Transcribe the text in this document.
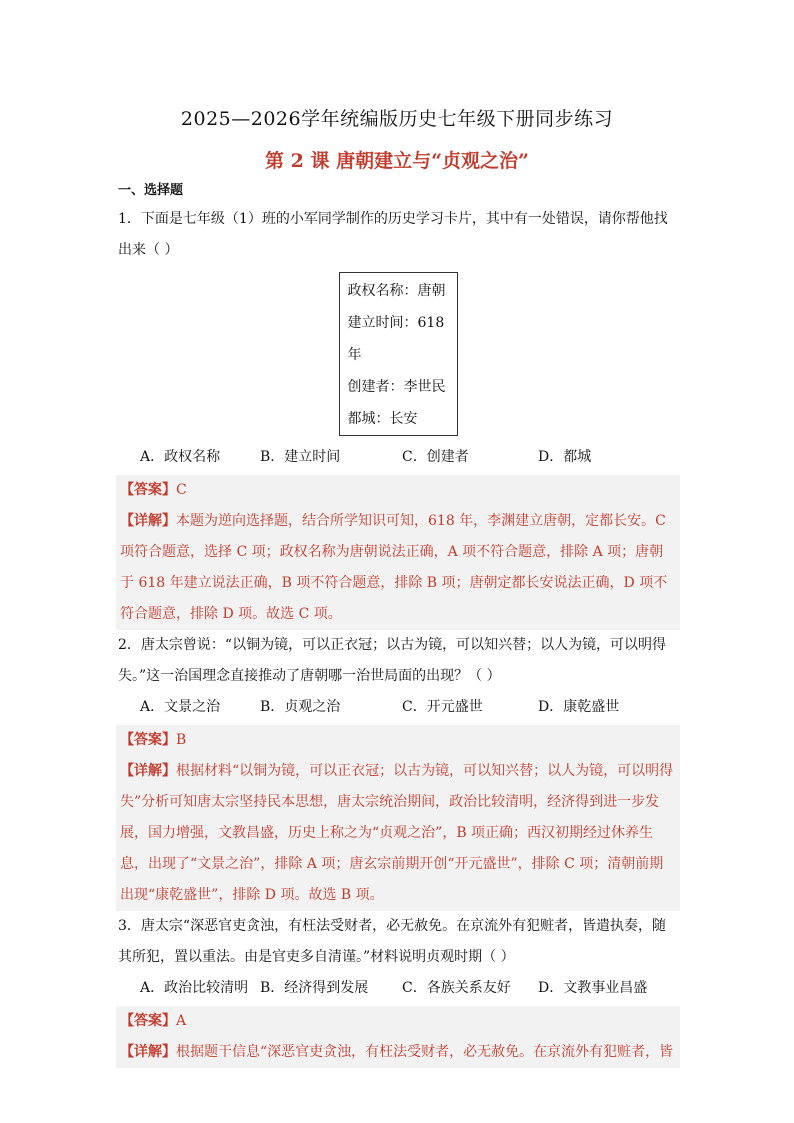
2025—2026学年统编版历史七年级下册同步练习
第 2 课 唐朝建立与“贞观之治”
一、选择题

1．下面是七年级（1）班的小军同学制作的历史学习卡片，其中有一处错误，请你帮他找出来（ ）

政权名称：唐朝
建立时间：618 年
创建者：李世民
都城：长安
A．政权名称	B．建立时间	C．创建者	D．都城
【答案】C
【详解】本题为逆向选择题，结合所学知识可知，618 年，李渊建立唐朝，定都长安。C 项符合题意，选择 C 项；政权名称为唐朝说法正确，A 项不符合题意，排除 A 项；唐朝于 618 年建立说法正确，B 项不符合题意，排除 B 项；唐朝定都长安说法正确，D 项不符合题意，排除 D 项。故选 C 项。

2．唐太宗曾说：“以铜为镜，可以正衣冠；以古为镜，可以知兴替；以人为镜，可以明得失。”这一治国理念直接推动了唐朝哪一治世局面的出现？（ ）

A．文景之治	B．贞观之治	C．开元盛世	D．康乾盛世
【答案】B
【详解】根据材料“以铜为镜，可以正衣冠；以古为镜，可以知兴替；以人为镜，可以明得失”分析可知唐太宗坚持民本思想，唐太宗统治期间，政治比较清明，经济得到进一步发展，国力增强，文教昌盛，历史上称之为“贞观之治”，B 项正确；西汉初期经过休养生息，出现了“文景之治”，排除 A 项；唐玄宗前期开创“开元盛世”，排除 C 项；清朝前期出现“康乾盛世”，排除 D 项。故选 B 项。

3．唐太宗“深恶官吏贪浊，有枉法受财者，必无赦免。在京流外有犯赃者，皆遣执奏，随其所犯，置以重法。由是官吏多自清谨。”材料说明贞观时期（ ）

A．政治比较清明 B．经济得到发展	C．各族关系友好	D．文教事业昌盛
【答案】A
【详解】根据题干信息“深恶官吏贪浊，有枉法受财者，必无赦免。在京流外有犯赃者，皆
